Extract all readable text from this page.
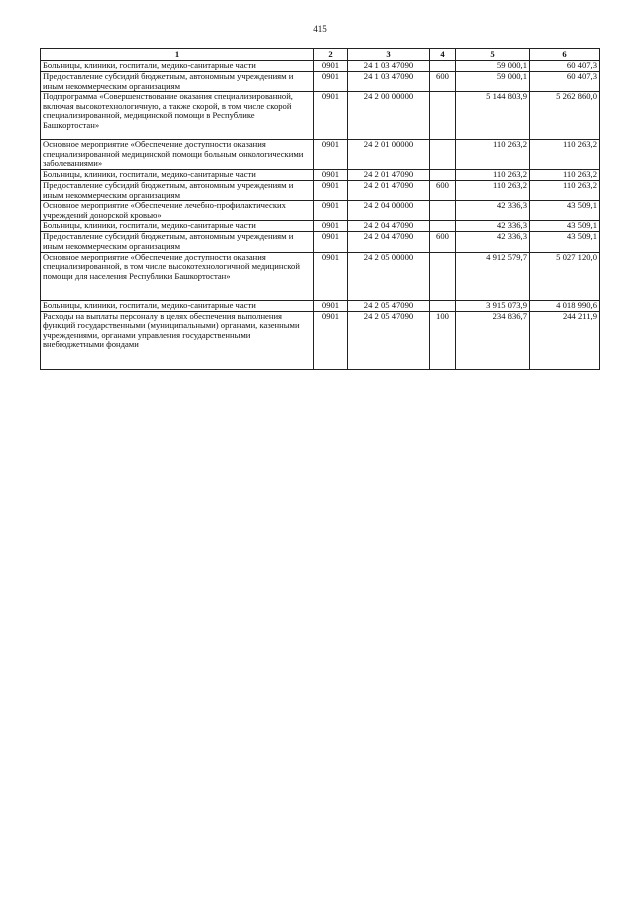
415
1	2	3	4	5	6
Больницы, клиники, госпитали, медико-санитарные части	0901	24 1 03 47090		59 000,1	60 407,3
Предоставление субсидий бюджетным, автономным учреждениям и иным некоммерческим организациям	0901	24 1 03 47090	600	59 000,1	60 407,3
Подпрограмма «Совершенствование оказания специализированной, включая высокотехнологичную, а также скорой, в том числе скорой специализированной, медицинской помощи в Республике Башкортостан»	0901	24 2 00 00000		5 144 803,9	5 262 860,0
Основное мероприятие «Обеспечение доступности оказания специализированной медицинской помощи больным онкологическими заболеваниями»	0901	24 2 01 00000		110 263,2	110 263,2
Больницы, клиники, госпитали, медико-санитарные части	0901	24 2 01 47090		110 263,2	110 263,2
Предоставление субсидий бюджетным, автономным учреждениям и иным некоммерческим организациям	0901	24 2 01 47090	600	110 263,2	110 263,2
Основное мероприятие «Обеспечение лечебно-профилактических учреждений донорской кровью»	0901	24 2 04 00000		42 336,3	43 509,1
Больницы, клиники, госпитали, медико-санитарные части	0901	24 2 04 47090		42 336,3	43 509,1
Предоставление субсидий бюджетным, автономным учреждениям и иным некоммерческим организациям	0901	24 2 04 47090	600	42 336,3	43 509,1
Основное мероприятие «Обеспечение доступности оказания специализированной, в том числе высокотехнологичной медицинской помощи для населения Республики Башкортостан»	0901	24 2 05 00000		4 912 579,7	5 027 120,0
Больницы, клиники, госпитали, медико-санитарные части	0901	24 2 05 47090		3 915 073,9	4 018 990,6
Расходы на выплаты персоналу в целях обеспечения выполнения функций государственными (муниципальными) органами, казенными учреждениями, органами управления государственными внебюджетными фондами	0901	24 2 05 47090	100	234 836,7	244 211,9
